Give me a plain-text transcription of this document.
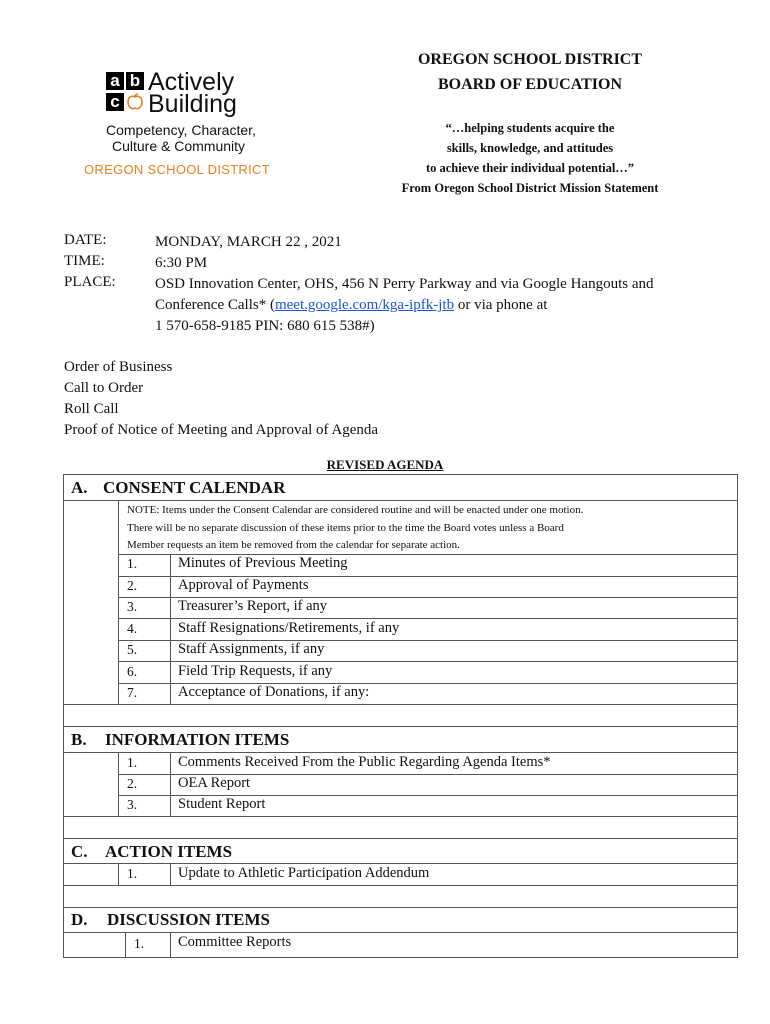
a b
c
Actively
Building
Competency, Character,
Culture & Community
OREGON SCHOOL DISTRICT
OREGON SCHOOL DISTRICT
BOARD OF EDUCATION
“…helping students acquire the
skills, knowledge, and attitudes
to achieve their individual potential…”
From Oregon School District Mission Statement
DATE:	MONDAY, MARCH 22 , 2021
TIME:	6:30 PM
PLACE:	OSD Innovation Center, OHS, 456 N Perry Parkway and via Google Hangouts and
Conference Calls* (meet.google.com/kga-ipfk-jtb or via phone at
1 570-658-9185 PIN: 680 615 538#)
Order of Business
Call to Order
Roll Call
Proof of Notice of Meeting and Approval of Agenda
REVISED AGENDA
A. CONSENT CALENDAR
NOTE: Items under the Consent Calendar are considered routine and will be enacted under one motion.
There will be no separate discussion of these items prior to the time the Board votes unless a Board
Member requests an item be removed from the calendar for separate action.
1.	Minutes of Previous Meeting
2.	Approval of Payments
3.	Treasurer’s Report, if any
4.	Staff Resignations/Retirements, if any
5.	Staff Assignments, if any
6.	Field Trip Requests, if any
7.	Acceptance of Donations, if any:
B. INFORMATION ITEMS
1.	Comments Received From the Public Regarding Agenda Items*
2.	OEA Report
3.	Student Report
C. ACTION ITEMS
1.	Update to Athletic Participation Addendum
D. DISCUSSION ITEMS
1.	Committee Reports
